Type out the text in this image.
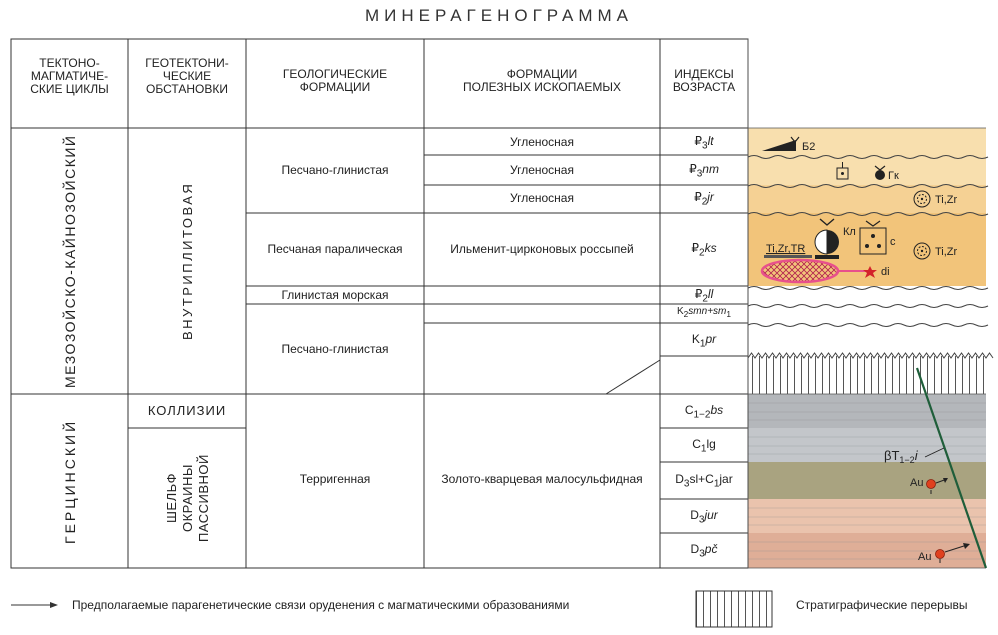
МИНЕРАГЕНОГРАММА
Б2
Гк
Ti,Zr
Кл
c
Ti,Zr
Ti,Zr,TR
di
$\beta T_{1-2}i$
Au
Au
ТЕКТОНО-
МАГМАТИЧЕ-
СКИЕ ЦИКЛЫ
ГЕОТЕКТОНИ-
ЧЕСКИЕ
ОБСТАНОВКИ
ГЕОЛОГИЧЕСКИЕ
ФОРМАЦИИ
ФОРМАЦИИ
ПОЛЕЗНЫХ ИСКОПАЕМЫХ
ИНДЕКСЫ
ВОЗРАСТА
МЕЗОЗОЙСКО-КАЙНОЗОЙСКИЙ
ГЕРЦИНСКИЙ
ВНУТРИПЛИТОВАЯ
КОЛЛИЗИИ
ПАССИВНОЙ
ОКРАИНЫ
ШЕЛЬФ
Песчано-глинистая
Песчаная паралическая
Глинистая морская
Песчано-глинистая
Терригенная
Угленосная
Угленосная
Угленосная
Ильменит-цирконовых россыпей
Золото-кварцевая малосульфидная
$₽_3lt$
$₽_3nm$
$₽_2jr$
$₽_2ks$
$₽_2ll$
$K_2smn+sm_1$
$K_1pr$
$C_{1-2}bs$
$C_1\lg$
$D_3sl+C_1jar$
$D_3jur$
$D_3pč$
Предполагаемые парагенетические связи оруденения с магматическими образованиями	Стратиграфические перерывы
